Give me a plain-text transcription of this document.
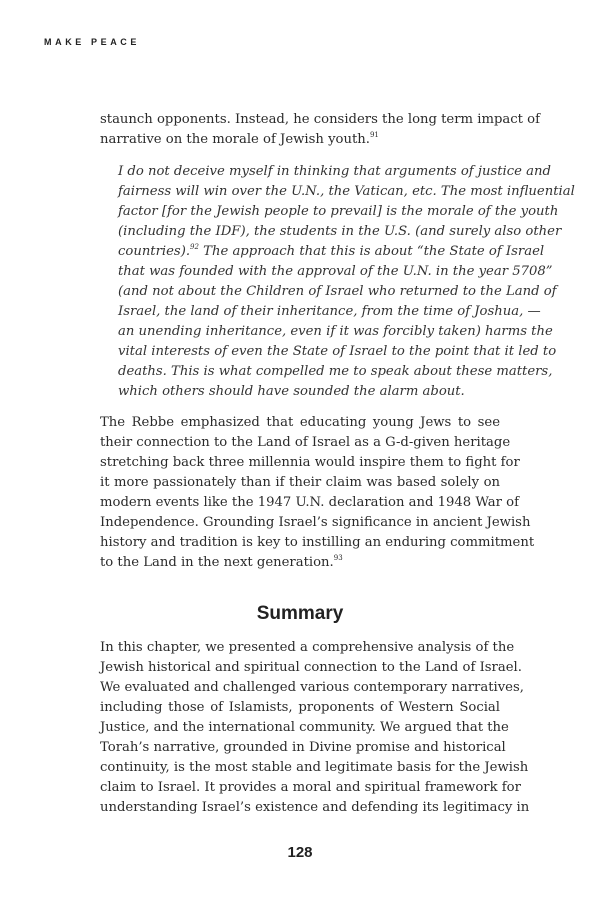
MAKE PEACE
staunch opponents. Instead, he considers the long term impact of
narrative on the morale of Jewish youth.$^{91}$
I do not deceive myself in thinking that arguments of justice and
fairness will win over the U.N., the Vatican, etc. The most influential
factor [for the Jewish people to prevail] is the morale of the youth
(including the IDF), the students in the U.S. (and surely also other
countries).$^{92}$ The approach that this is about “the State of Israel
that was founded with the approval of the U.N. in the year 5708”
(and not about the Children of Israel who returned to the Land of
Israel, the land of their inheritance, from the time of Joshua, —
an unending inheritance, even if it was forcibly taken) harms the
vital interests of even the State of Israel to the point that it led to
deaths. This is what compelled me to speak about these matters,
which others should have sounded the alarm about.
The Rebbe emphasized that educating young Jews to see
their connection to the Land of Israel as a G-d-given heritage
stretching back three millennia would inspire them to fight for
it more passionately than if their claim was based solely on
modern events like the 1947 U.N. declaration and 1948 War of
Independence. Grounding Israel’s significance in ancient Jewish
history and tradition is key to instilling an enduring commitment
to the Land in the next generation.$^{93}$
Summary
In this chapter, we presented a comprehensive analysis of the
Jewish historical and spiritual connection to the Land of Israel.
We evaluated and challenged various contemporary narratives,
including those of Islamists, proponents of Western Social
Justice, and the international community. We argued that the
Torah’s narrative, grounded in Divine promise and historical
continuity, is the most stable and legitimate basis for the Jewish
claim to Israel. It provides a moral and spiritual framework for
understanding Israel’s existence and defending its legitimacy in
128
